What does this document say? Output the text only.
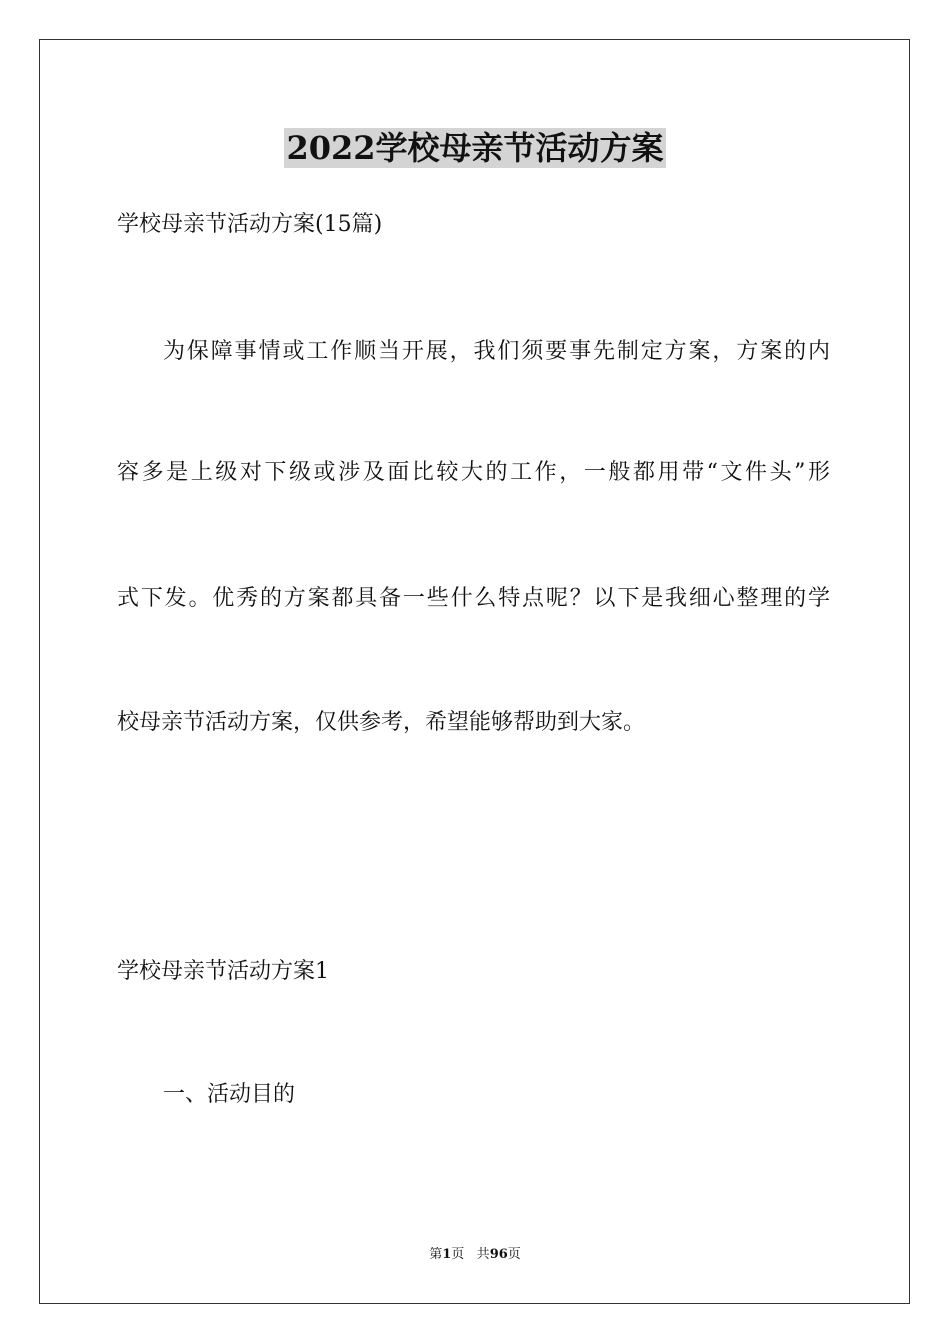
2022学校母亲节活动方案
学校母亲节活动方案(15篇)
为保障事情或工作顺当开展，我们须要事先制定方案，方案的内
容多是上级对下级或涉及面比较大的工作，一般都用带“文件头”形
式下发。优秀的方案都具备一些什么特点呢？以下是我细心整理的学
校母亲节活动方案，仅供参考，希望能够帮助到大家。
学校母亲节活动方案1
一、活动目的
第1页 共96页
